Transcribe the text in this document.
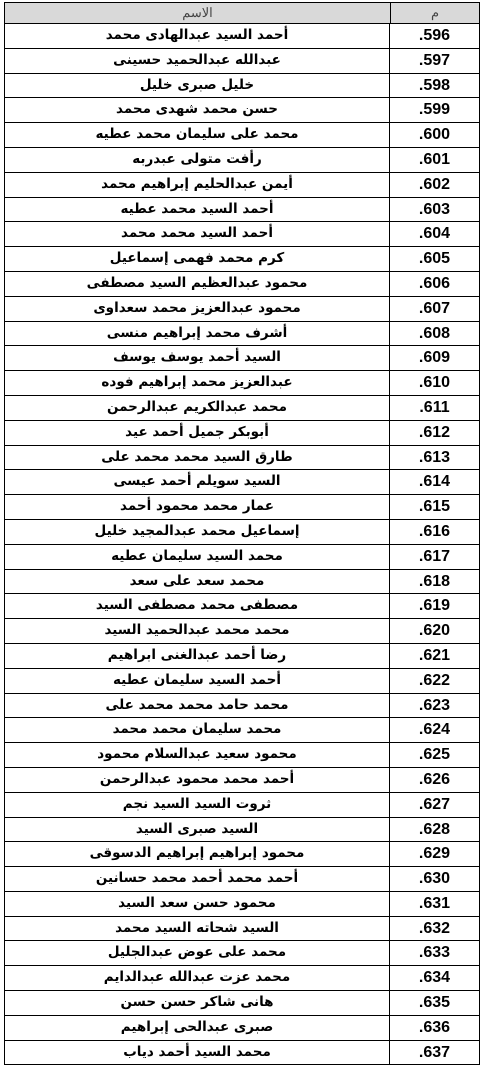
الاسم	م
أحمد السيد عبدالهادى محمد	.596
عبدالله عبدالحميد حسينى	.597
خليل صبرى خليل	.598
حسن محمد شهدى محمد	.599
محمد على سليمان محمد عطيه	.600
رأفت متولى عبدربه	.601
أيمن عبدالحليم إبراهيم محمد	.602
أحمد السيد محمد عطيه	.603
أحمد السيد محمد محمد	.604
كرم محمد فهمى إسماعيل	.605
محمود عبدالعظيم السيد مصطفى	.606
محمود عبدالعزيز محمد سعداوى	.607
أشرف محمد إبراهيم منسى	.608
السيد أحمد يوسف يوسف	.609
عبدالعزيز محمد إبراهيم فوده	.610
محمد عبدالكريم عبدالرحمن	.611
أبوبكر جميل أحمد عيد	.612
طارق السيد محمد محمد على	.613
السيد سويلم أحمد عيسى	.614
عمار محمد محمود أحمد	.615
إسماعيل محمد عبدالمجيد خليل	.616
محمد السيد سليمان عطيه	.617
محمد سعد على سعد	.618
مصطفى محمد مصطفى السيد	.619
محمد محمد عبدالحميد السيد	.620
رضا أحمد عبدالغنى ابراهيم	.621
أحمد السيد سليمان عطيه	.622
محمد حامد محمد محمد على	.623
محمد سليمان محمد محمد	.624
محمود سعيد عبدالسلام محمود	.625
أحمد محمد محمود عبدالرحمن	.626
ثروت السيد السيد نجم	.627
السيد صبرى السيد	.628
محمود إبراهيم إبراهيم الدسوقى	.629
أحمد محمد أحمد محمد حسانين	.630
محمود حسن سعد السيد	.631
السيد شحاته السيد محمد	.632
محمد على عوض عبدالجليل	.633
محمد عزت عبدالله عبدالدايم	.634
هانى شاكر حسن حسن	.635
صبرى عبدالحى إبراهيم	.636
محمد السيد أحمد دياب	.637
